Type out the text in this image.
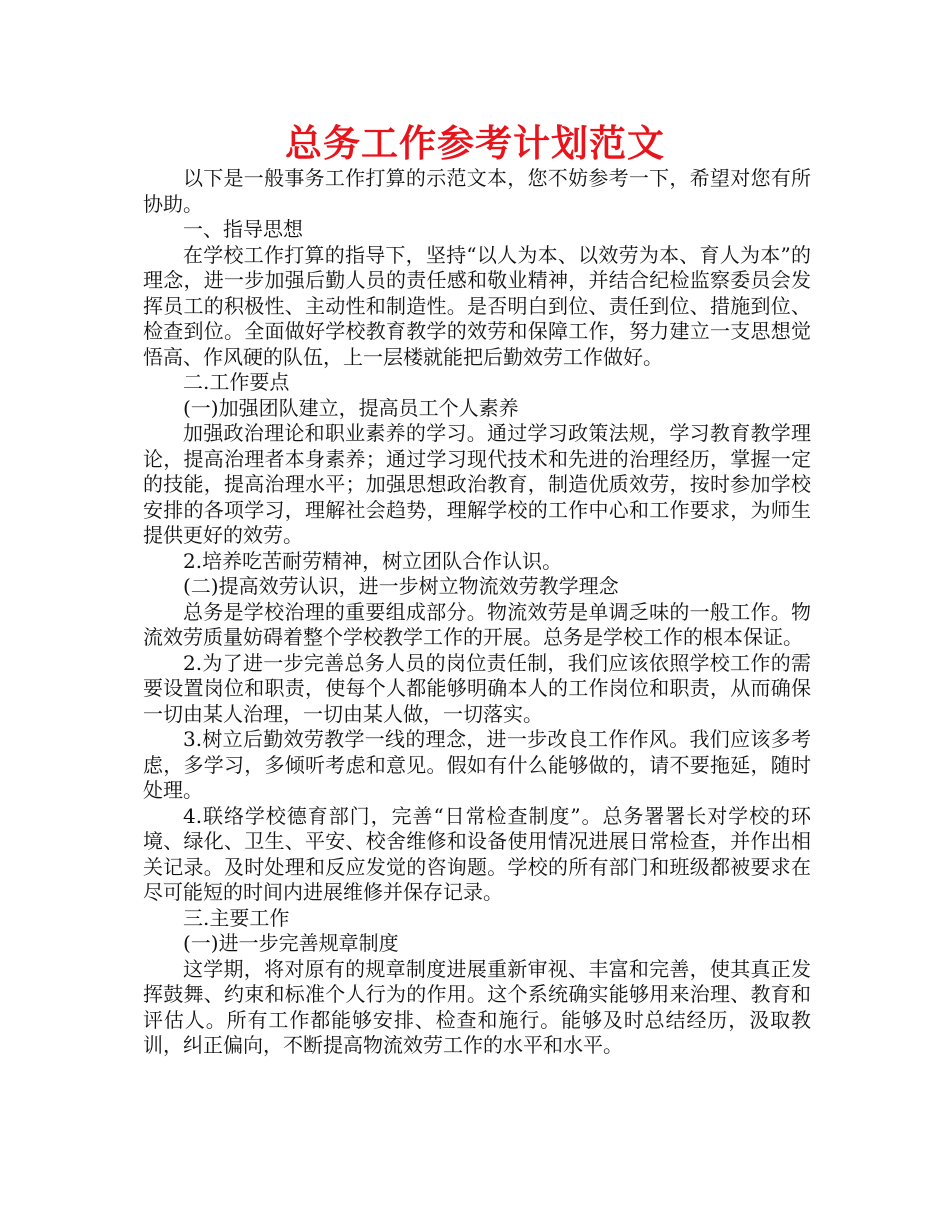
总务工作参考计划范文

以下是一般事务工作打算的示范文本，您不妨参考一下，希望对您有所协助。

一、指导思想

在学校工作打算的指导下，坚持“以人为本、以效劳为本、育人为本”的理念，进一步加强后勤人员的责任感和敬业精神，并结合纪检监察委员会发挥员工的积极性、主动性和制造性。是否明白到位、责任到位、措施到位、检查到位。全面做好学校教育教学的效劳和保障工作，努力建立一支思想觉悟高、作风硬的队伍，上一层楼就能把后勤效劳工作做好。

二.工作要点

(一)加强团队建立，提高员工个人素养

加强政治理论和职业素养的学习。通过学习政策法规，学习教育教学理论，提高治理者本身素养；通过学习现代技术和先进的治理经历，掌握一定的技能，提高治理水平；加强思想政治教育，制造优质效劳，按时参加学校安排的各项学习，理解社会趋势，理解学校的工作中心和工作要求，为师生提供更好的效劳。

2.培养吃苦耐劳精神，树立团队合作认识。

(二)提高效劳认识，进一步树立物流效劳教学理念

总务是学校治理的重要组成部分。物流效劳是单调乏味的一般工作。物流效劳质量妨碍着整个学校教学工作的开展。总务是学校工作的根本保证。

2.为了进一步完善总务人员的岗位责任制，我们应该依照学校工作的需要设置岗位和职责，使每个人都能够明确本人的工作岗位和职责，从而确保一切由某人治理，一切由某人做，一切落实。

3.树立后勤效劳教学一线的理念，进一步改良工作作风。我们应该多考虑，多学习，多倾听考虑和意见。假如有什么能够做的，请不要拖延，随时处理。

4.联络学校德育部门，完善“日常检查制度”。总务署署长对学校的环境、绿化、卫生、平安、校舍维修和设备使用情况进展日常检查，并作出相关记录。及时处理和反应发觉的咨询题。学校的所有部门和班级都被要求在尽可能短的时间内进展维修并保存记录。

三.主要工作

(一)进一步完善规章制度

这学期，将对原有的规章制度进展重新审视、丰富和完善，使其真正发挥鼓舞、约束和标准个人行为的作用。这个系统确实能够用来治理、教育和评估人。所有工作都能够安排、检查和施行。能够及时总结经历，汲取教训，纠正偏向，不断提高物流效劳工作的水平和水平。
